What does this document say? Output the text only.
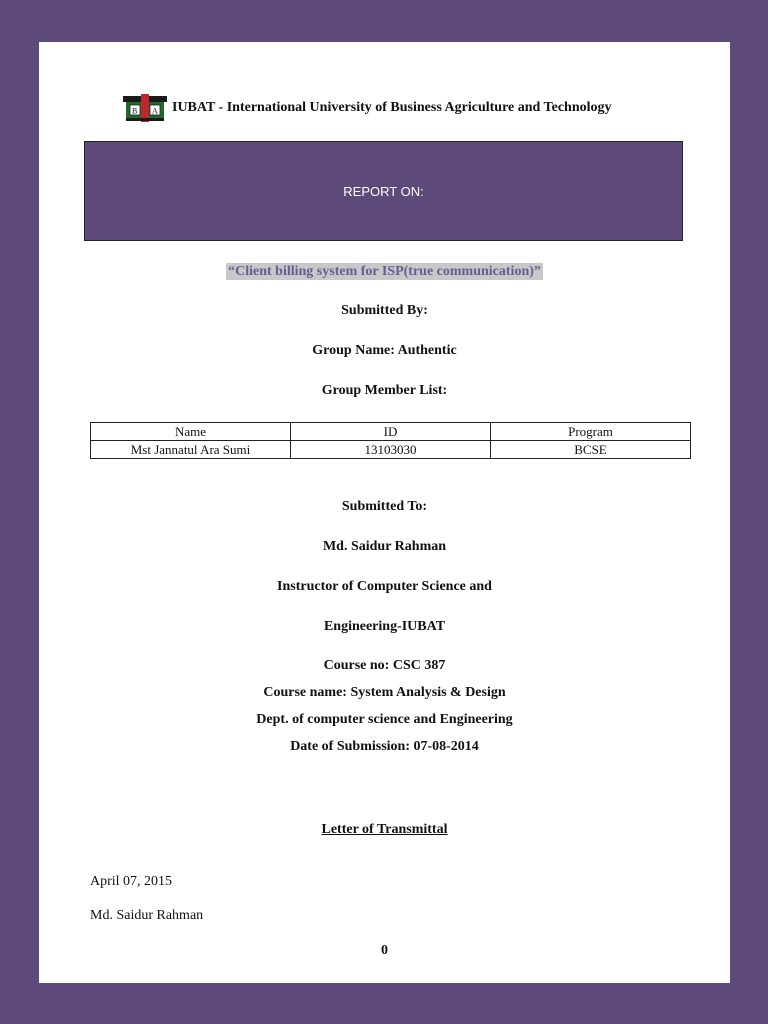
B A IUBAT - International University of Business Agriculture and Technology
REPORT ON:
“Client billing system for ISP(true communication)”
Submitted By:
Group Name: Authentic
Group Member List:
Name	ID	Program
Mst Jannatul Ara Sumi	13103030	BCSE
Submitted To:
Md. Saidur Rahman
Instructor of Computer Science and
Engineering-IUBAT
Course no: CSC 387
Course name: System Analysis & Design
Dept. of computer science and Engineering
Date of Submission: 07-08-2014
Letter of Transmittal
April 07, 2015
Md. Saidur Rahman
0
